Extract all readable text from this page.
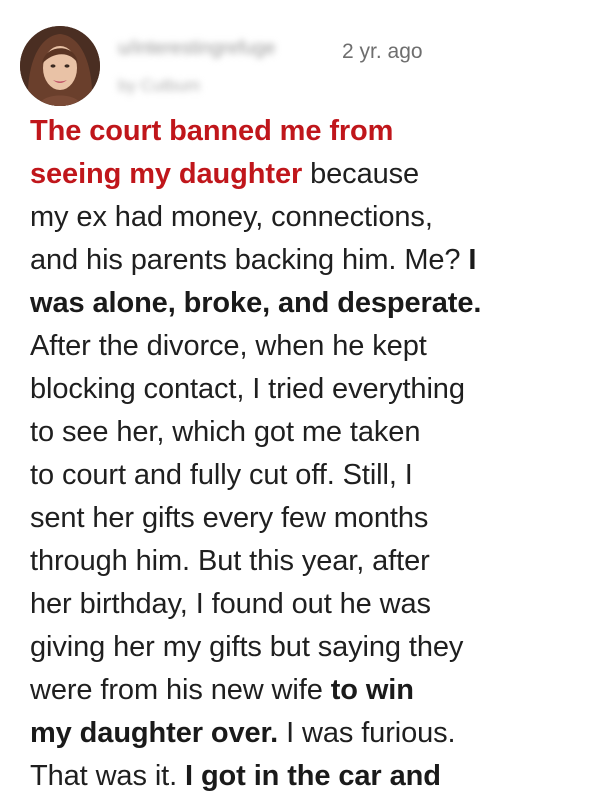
u/interestingrefuge	2 yr. ago
by Cutbum
The court banned me from
seeing my daughter because
my ex had money, connections,
and his parents backing him. Me? I
was alone, broke, and desperate.
After the divorce, when he kept
blocking contact, I tried everything
to see her, which got me taken
to court and fully cut off. Still, I
sent her gifts every few months
through him. But this year, after
her birthday, I found out he was
giving her my gifts but saying they
were from his new wife to win
my daughter over. I was furious.
That was it. I got in the car and
